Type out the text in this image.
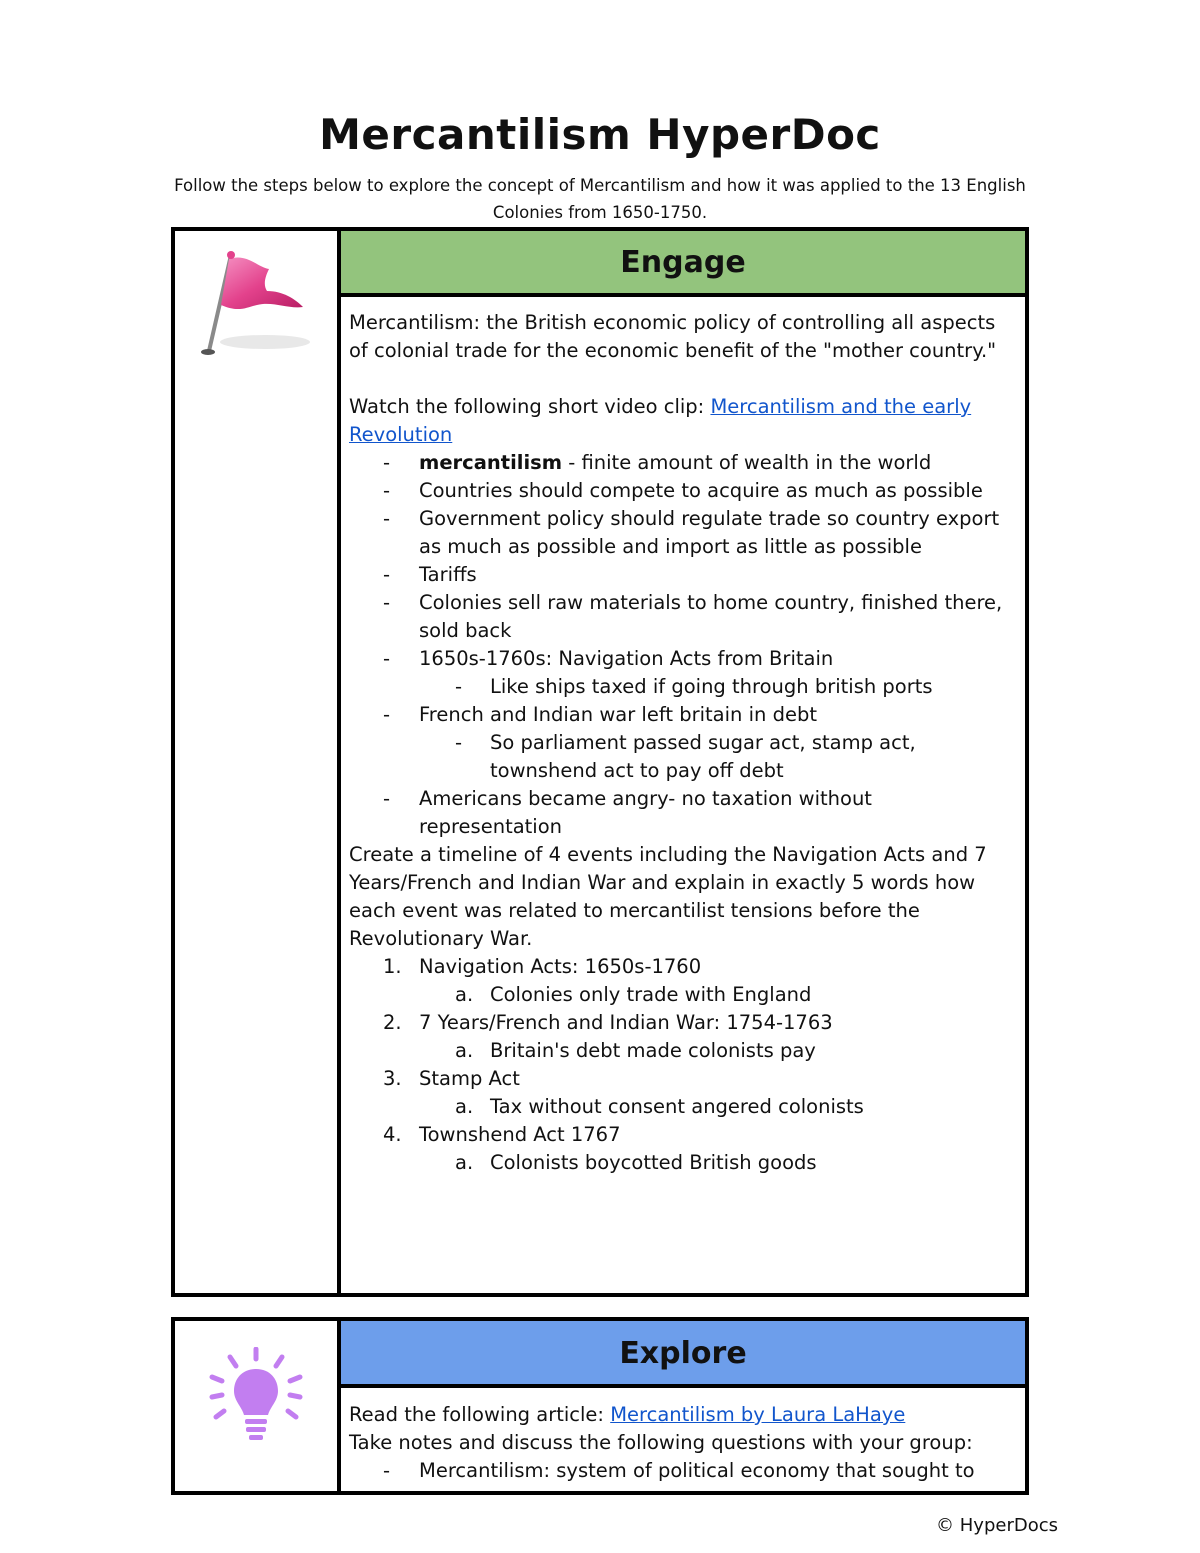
Mercantilism HyperDoc
Follow the steps below to explore the concept of Mercantilism and how it was applied to the 13 English Colonies from 1650-1750.
Engage

Mercantilism: the British economic policy of controlling all aspects of colonial trade for the economic benefit of the "mother country."

Watch the following short video clip: Mercantilism and the early Revolution

- mercantilism - finite amount of wealth in the world
- Countries should compete to acquire as much as possible
- Government policy should regulate trade so country export as much as possible and import as little as possible
- Tariffs
- Colonies sell raw materials to home country, finished there, sold back
- 1650s-1760s: Navigation Acts from Britain
- Like ships taxed if going through british ports
- French and Indian war left britain in debt
- So parliament passed sugar act, stamp act, townshend act to pay off debt
- Americans became angry- no taxation without representation

Create a timeline of 4 events including the Navigation Acts and 7 Years/French and Indian War and explain in exactly 5 words how each event was related to mercantilist tensions before the Revolutionary War.

1. Navigation Acts: 1650s-1760
a. Colonies only trade with England
2. 7 Years/French and Indian War: 1754-1763
a. Britain's debt made colonists pay
3. Stamp Act
a. Tax without consent angered colonists
4. Townshend Act 1767
a. Colonists boycotted British goods
Explore

Read the following article: Mercantilism by Laura LaHaye

Take notes and discuss the following questions with your group:

- Mercantilism: system of political economy that sought to
© HyperDocs
